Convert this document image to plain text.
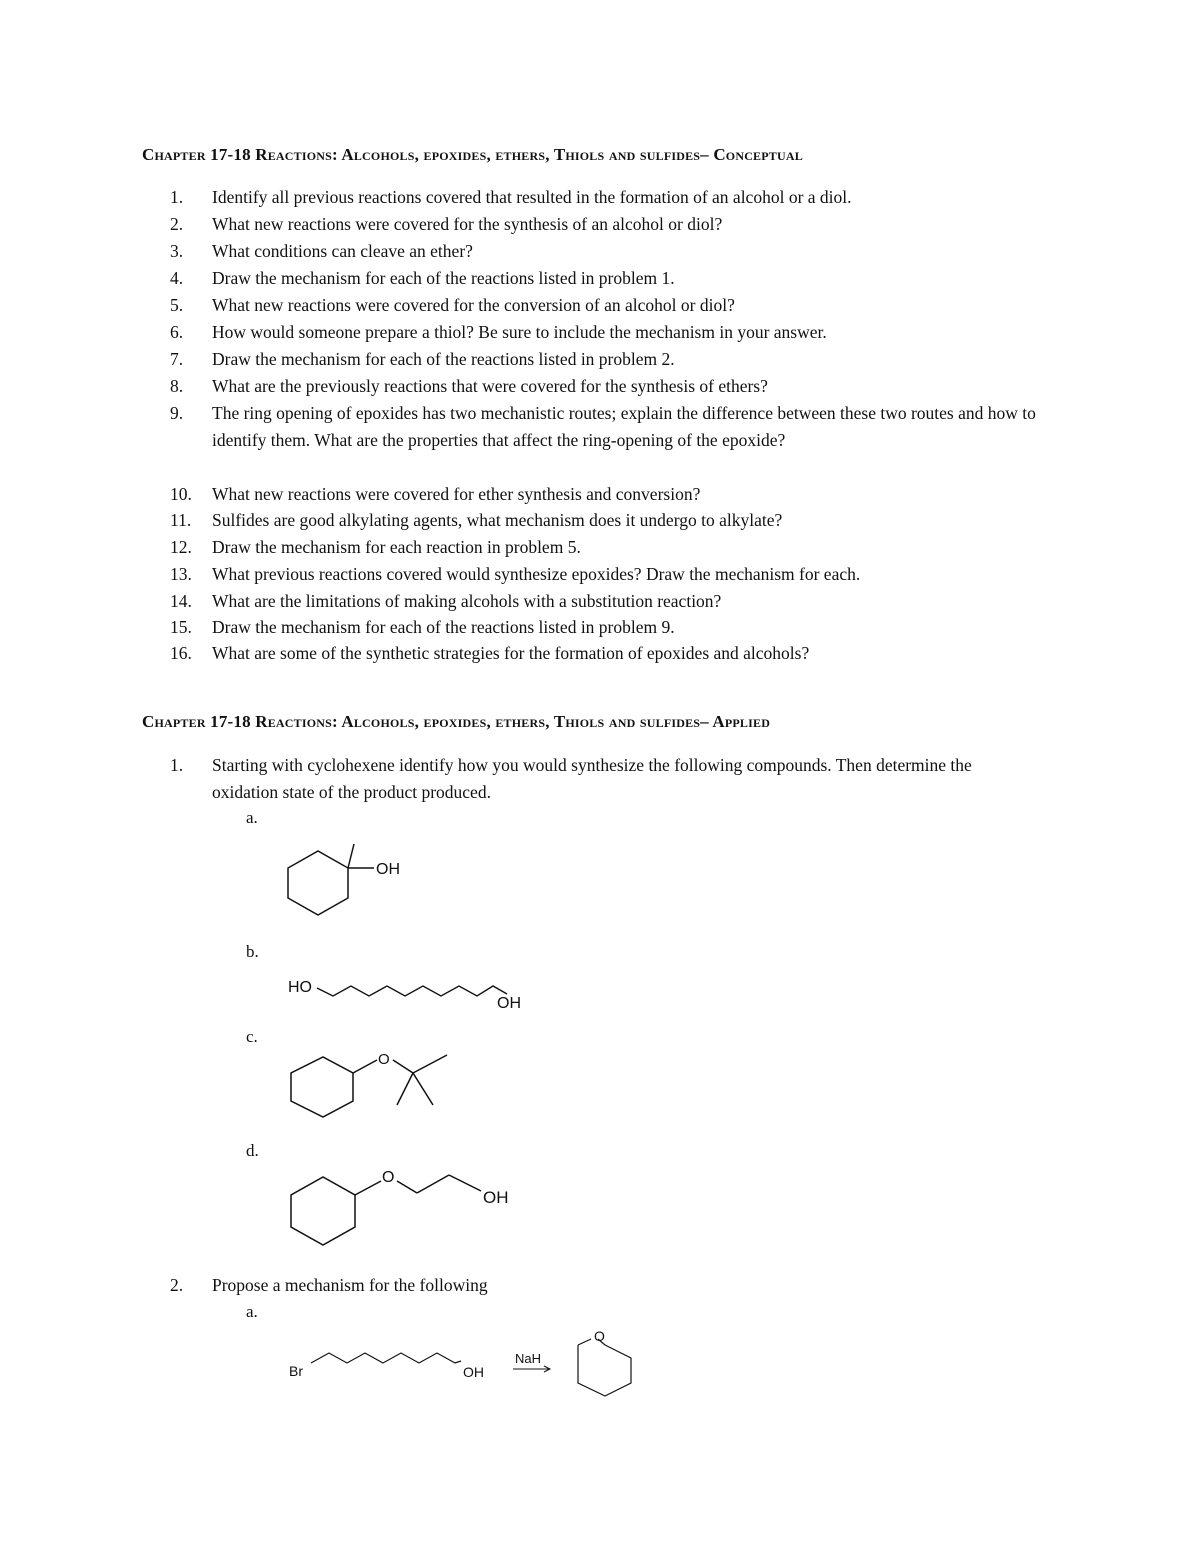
Chapter 17-18 Reactions: Alcohols, epoxides, ethers, Thiols and sulfides– Conceptual
1.	Identify all previous reactions covered that resulted in the formation of an alcohol or a diol.
2.	What new reactions were covered for the synthesis of an alcohol or diol?
3.	What conditions can cleave an ether?
4.	Draw the mechanism for each of the reactions listed in problem 1.
5.	What new reactions were covered for the conversion of an alcohol or diol?
6.	How would someone prepare a thiol? Be sure to include the mechanism in your answer.
7.	Draw the mechanism for each of the reactions listed in problem 2.
8.	What are the previously reactions that were covered for the synthesis of ethers?
9.	The ring opening of epoxides has two mechanistic routes; explain the difference between these two routes and how to identify them. What are the properties that affect the ring-opening of the epoxide?
10.	What new reactions were covered for ether synthesis and conversion?
11.	Sulfides are good alkylating agents, what mechanism does it undergo to alkylate?
12.	Draw the mechanism for each reaction in problem 5.
13.	What previous reactions covered would synthesize epoxides? Draw the mechanism for each.
14.	What are the limitations of making alcohols with a substitution reaction?
15.	Draw the mechanism for each of the reactions listed in problem 9.
16.	What are some of the synthetic strategies for the formation of epoxides and alcohols?
Chapter 17-18 Reactions: Alcohols, epoxides, ethers, Thiols and sulfides– Applied
1.	Starting with cyclohexene identify how you would synthesize the following compounds. Then determine the oxidation state of the product produced.
a.
b.
c.
d.
OH
HO
OH
O
O
OH
2.	Propose a mechanism for the following
a.
Br	OH
NaH
O
